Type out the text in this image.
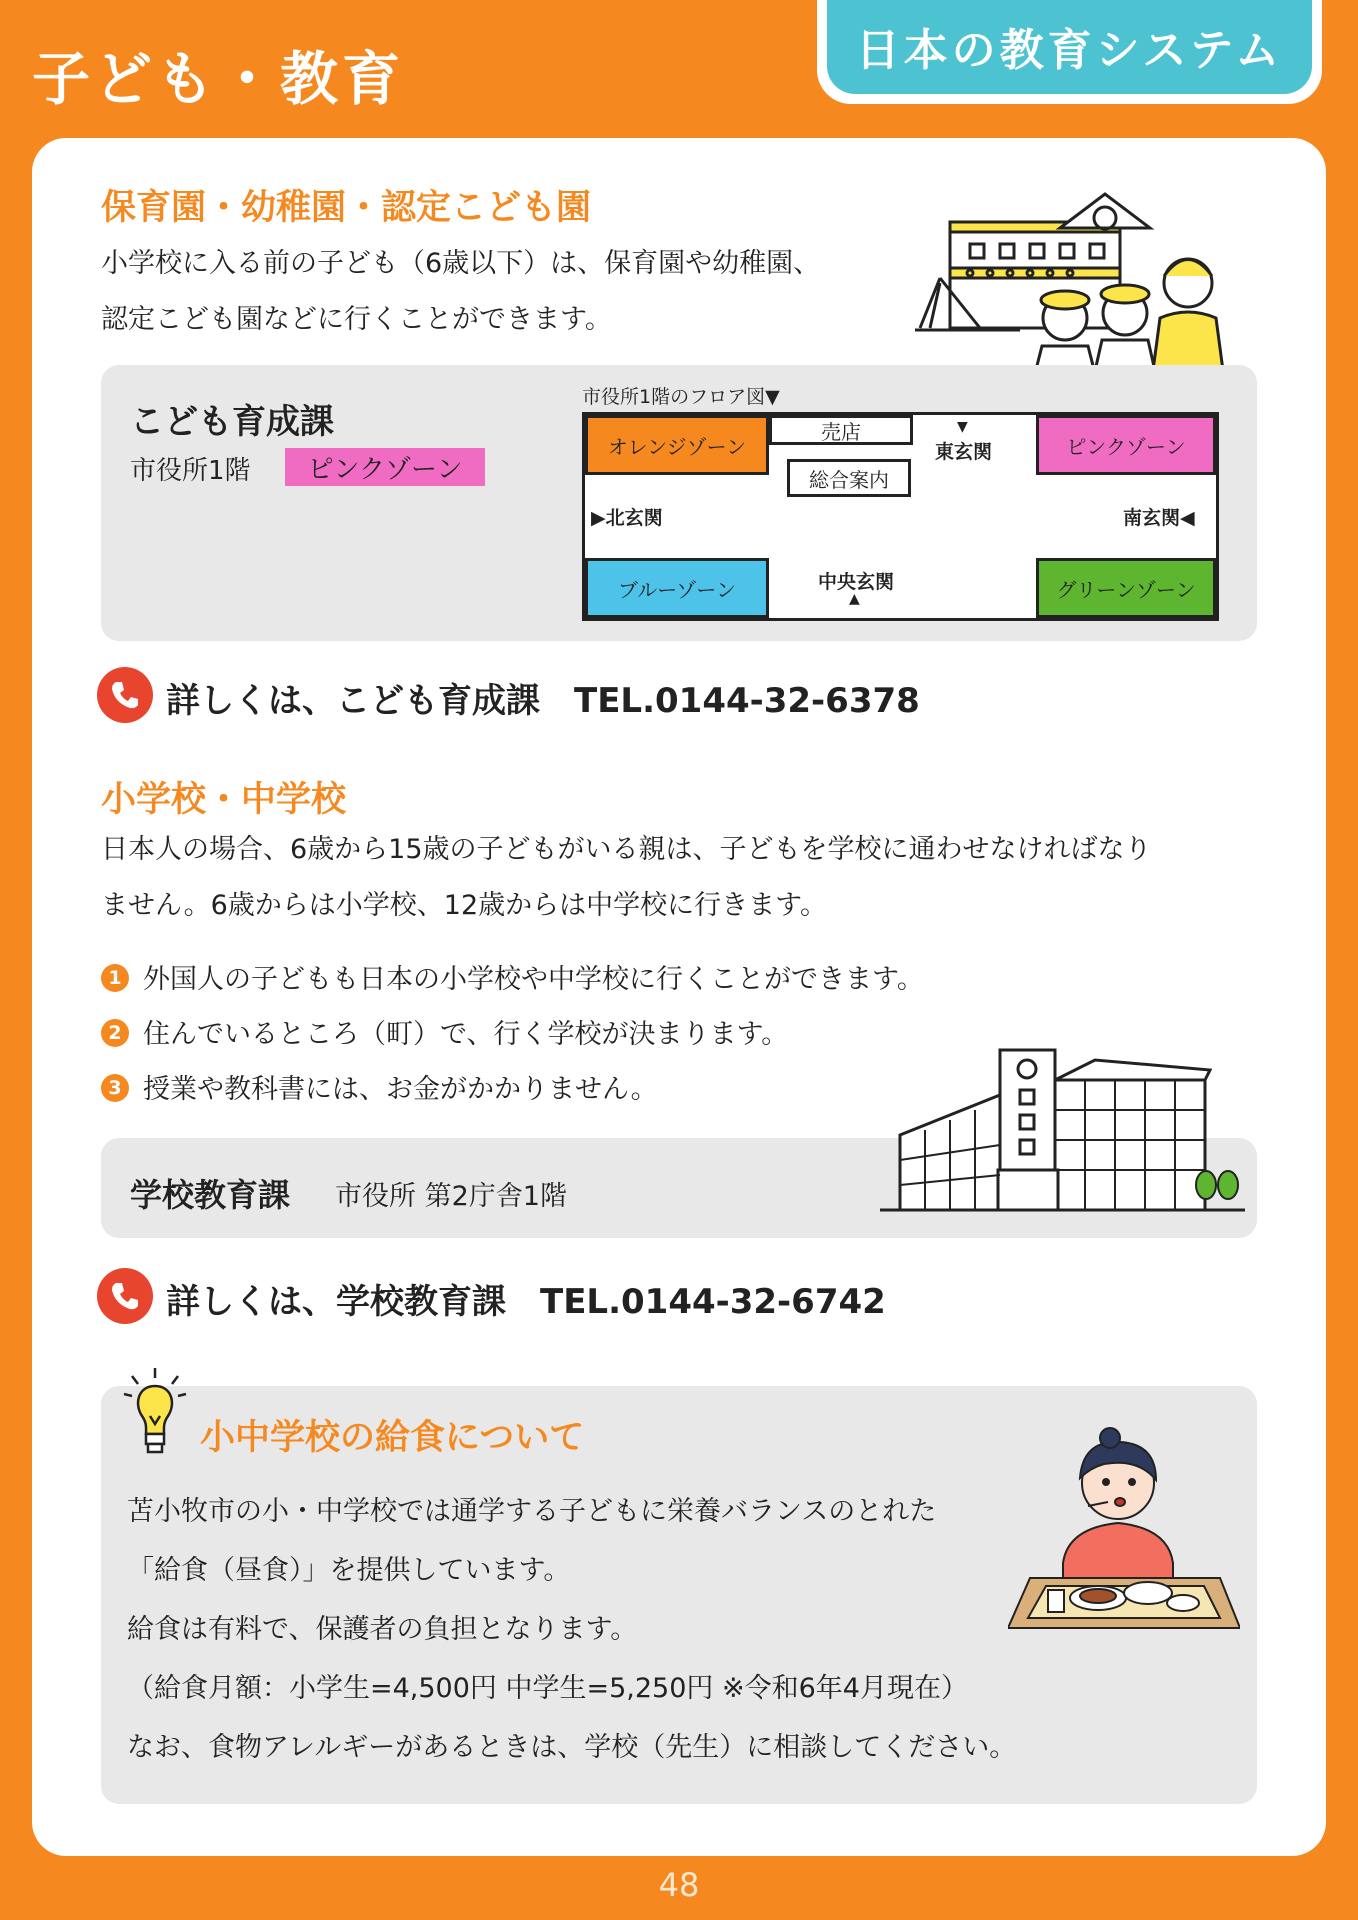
子ども・教育	日本の教育システム
保育園・幼稚園・認定こども園
小学校に入る前の子ども（6歳以下）は、保育園や幼稚園、
認定こども園などに行くことができます。
こども育成課
市役所1階	ピンクゾーン
市役所1階のフロア図▼
オレンジゾーン
売店
総合案内
▼
東玄関	ピンクゾーン
▶北玄関	南玄関◀
ブルーゾーン	中央玄関
▲	グリーンゾーン
詳しくは、こども育成課　TEL.0144-32-6378
小学校・中学校
日本人の場合、6歳から15歳の子どもがいる親は、子どもを学校に通わせなければなり
ません。6歳からは小学校、12歳からは中学校に行きます。
1 外国人の子どもも日本の小学校や中学校に行くことができます。
2 住んでいるところ（町）で、行く学校が決まります。
3 授業や教科書には、お金がかかりません。
学校教育課 市役所 第2庁舎1階
詳しくは、学校教育課　TEL.0144-32-6742
小中学校の給食について
苫小牧市の小・中学校では通学する子どもに栄養バランスのとれた
「給食（昼食）」を提供しています。
給食は有料で、保護者の負担となります。
（給食月額：小学生=4,500円 中学生=5,250円 ※令和6年4月現在）
なお、食物アレルギーがあるときは、学校（先生）に相談してください。
48
